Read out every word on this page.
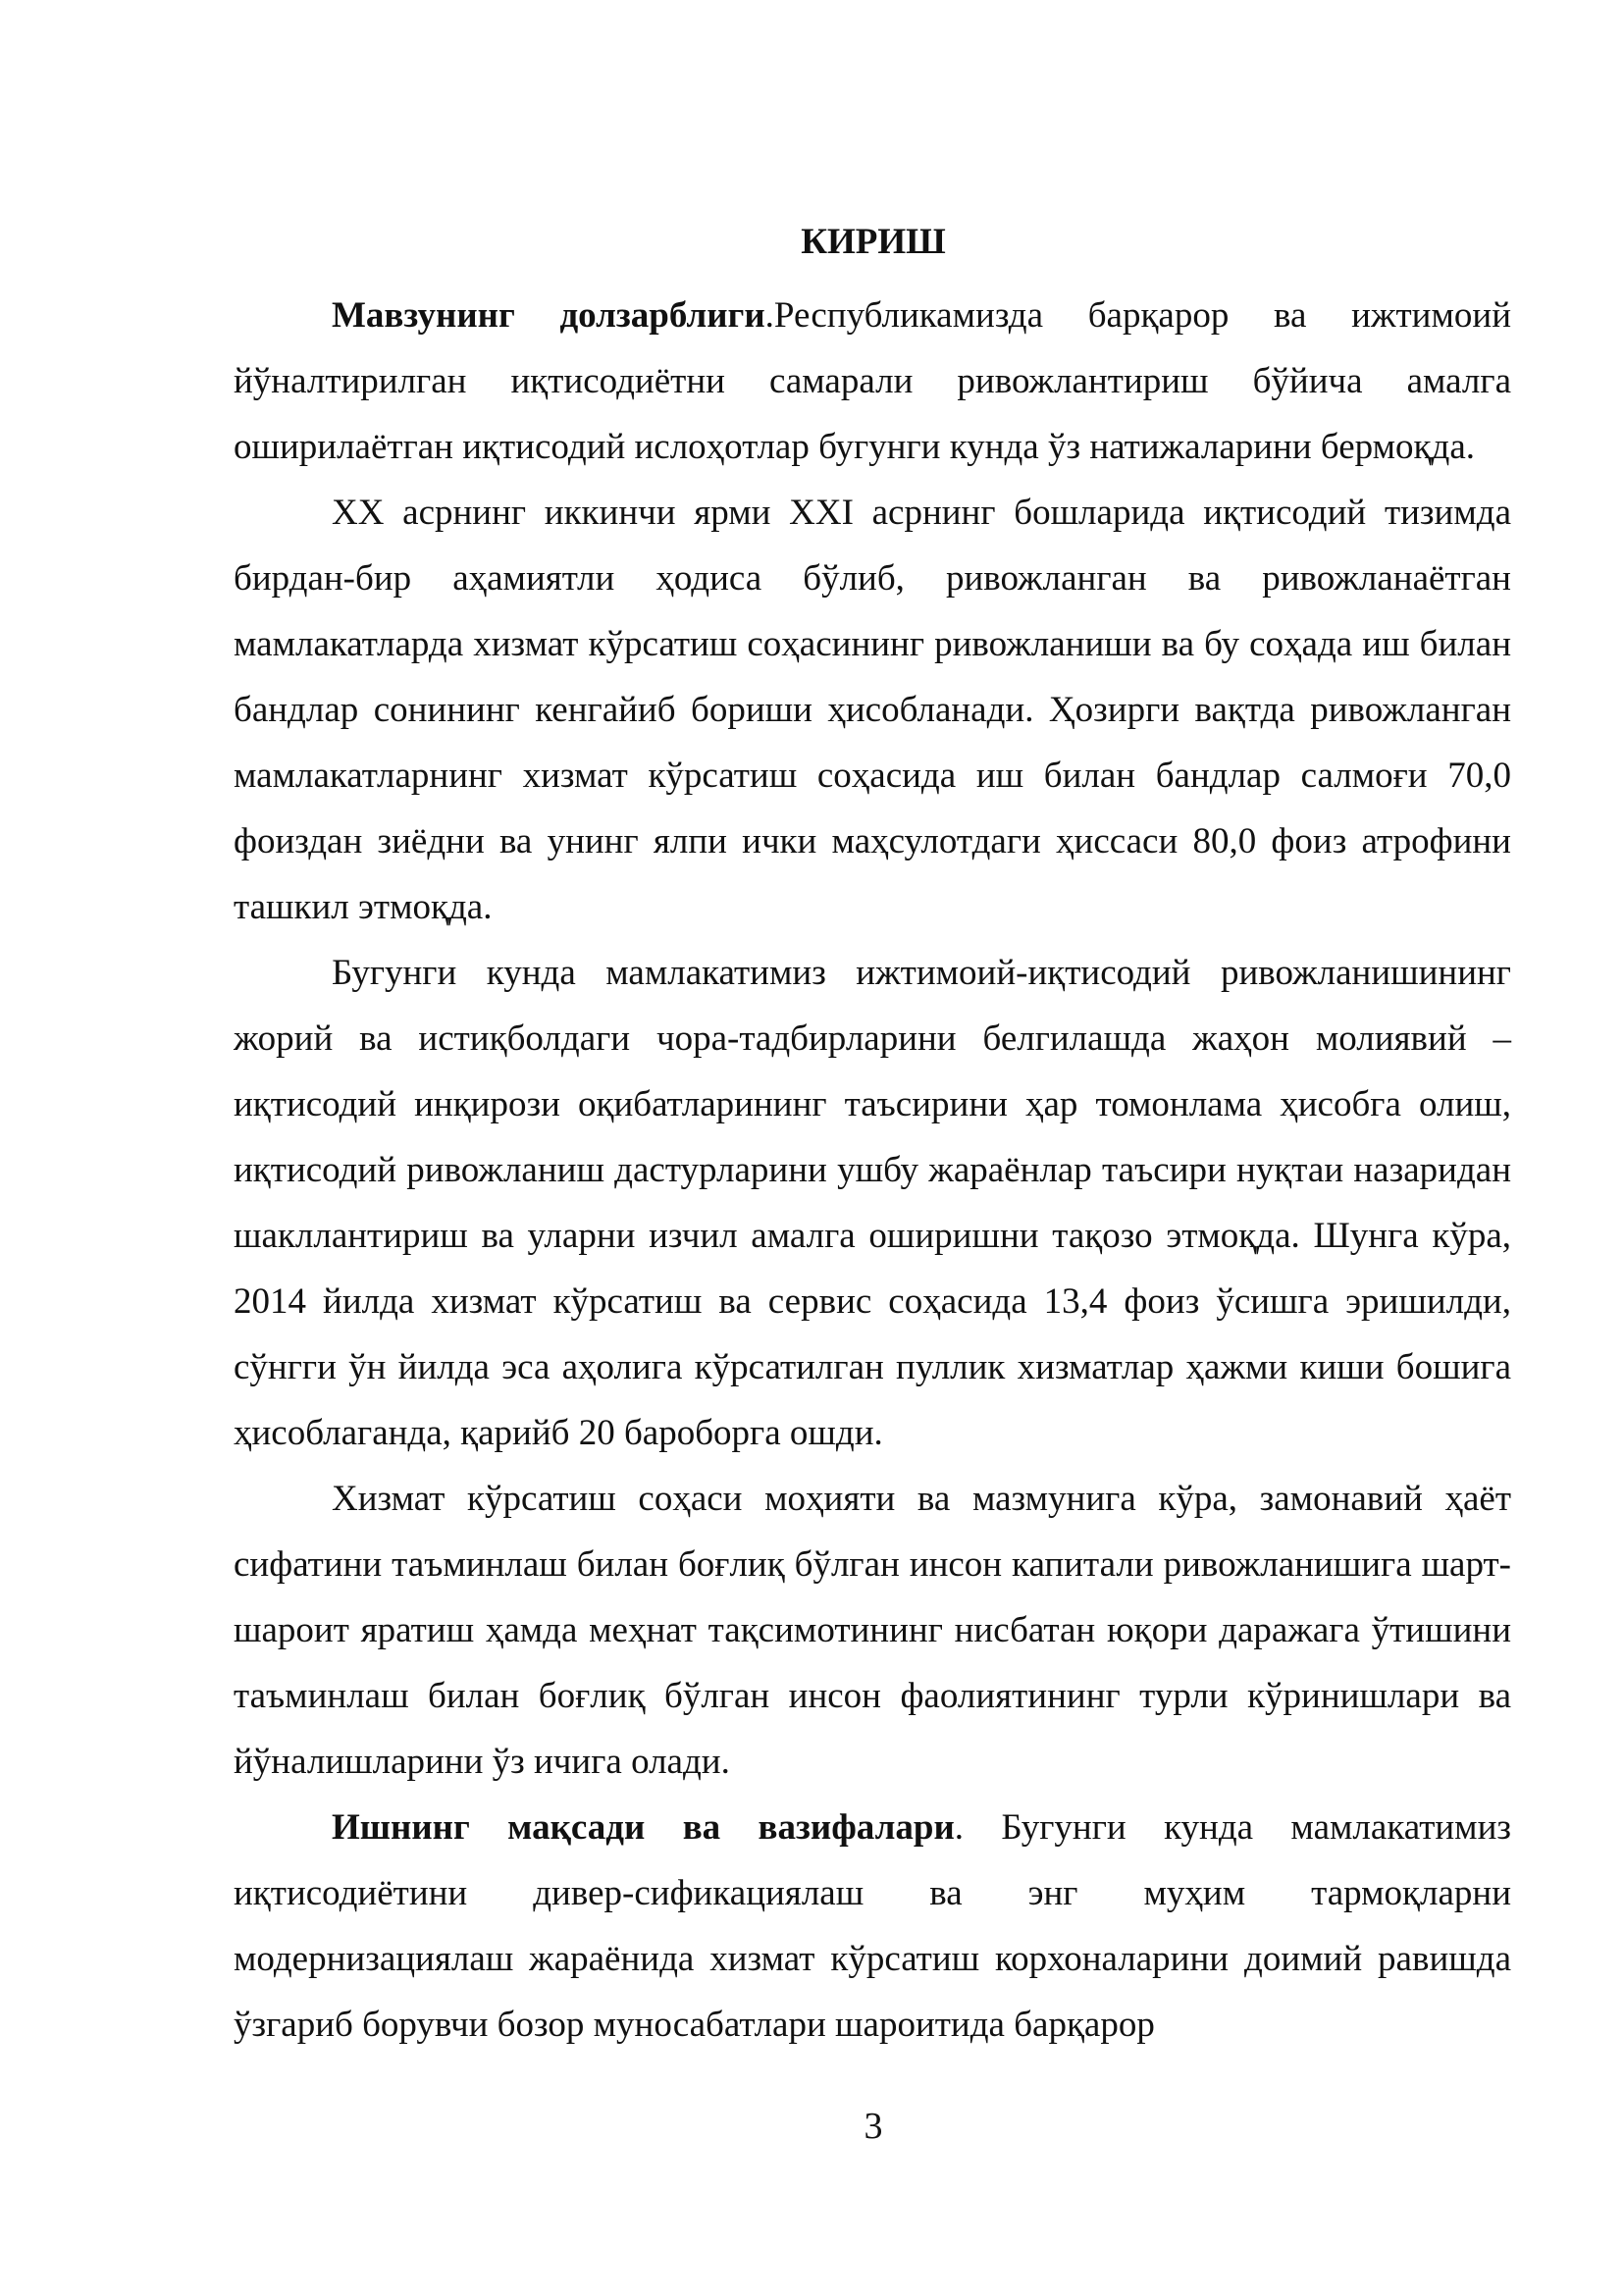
КИРИШ

Мавзунинг долзарблиги.Республикамизда барқарор ва ижтимоий йўналтирилган иқтисодиётни самарали ривожлантириш бўйича амалга оширилаётган иқтисодий ислоҳотлар бугунги кунда ўз натижаларини бермоқда.

XX асрнинг иккинчи ярми XXI асрнинг бошларида иқтисодий тизимда бирдан-бир аҳамиятли ҳодиса бўлиб, ривожланган ва ривожланаётган мамлакатларда хизмат кўрсатиш соҳасининг ривожланиши ва бу соҳада иш билан бандлар сонининг кенгайиб бориши ҳисобланади. Ҳозирги вақтда ривожланган мамлакатларнинг хизмат кўрсатиш соҳасида иш билан бандлар салмоғи 70,0 фоиздан зиёдни ва унинг ялпи ички маҳсулотдаги ҳиссаси 80,0 фоиз атрофини ташкил этмоқда.

Бугунги кунда мамлакатимиз ижтимоий-иқтисодий ривожланишининг жорий ва истиқболдаги чора-тадбирларини белгилашда жаҳон молиявий – иқтисодий инқирози оқибатларининг таъсирини ҳар томонлама ҳисобга олиш, иқтисодий ривожланиш дастурларини ушбу жараёнлар таъсири нуқтаи назаридан шакллантириш ва уларни изчил амалга оширишни тақозо этмоқда. Шунга кўра, 2014 йилда хизмат кўрсатиш ва сервис соҳасида 13,4 фоиз ўсишга эришилди, сўнгги ўн йилда эса аҳолига кўрсатилган пуллик хизматлар ҳажми киши бошига ҳисоблаганда, қарийб 20 бароборга ошди.

Хизмат кўрсатиш соҳаси моҳияти ва мазмунига кўра, замонавий ҳаёт сифатини таъминлаш билан боғлиқ бўлган инсон капитали ривожланишига шарт-шароит яратиш ҳамда меҳнат тақсимотининг нисбатан юқори даражага ўтишини таъминлаш билан боғлиқ бўлган инсон фаолиятининг турли кўринишлари ва йўналишларини ўз ичига олади.

Ишнинг мақсади ва вазифалари. Бугунги кунда мамлакатимиз иқтисодиётини дивер-сификациялаш ва энг муҳим тармоқларни модернизациялаш жараёнида хизмат кўрсатиш корхоналарини доимий равишда ўзгариб борувчи бозор муносабатлари шароитида барқарор

3
